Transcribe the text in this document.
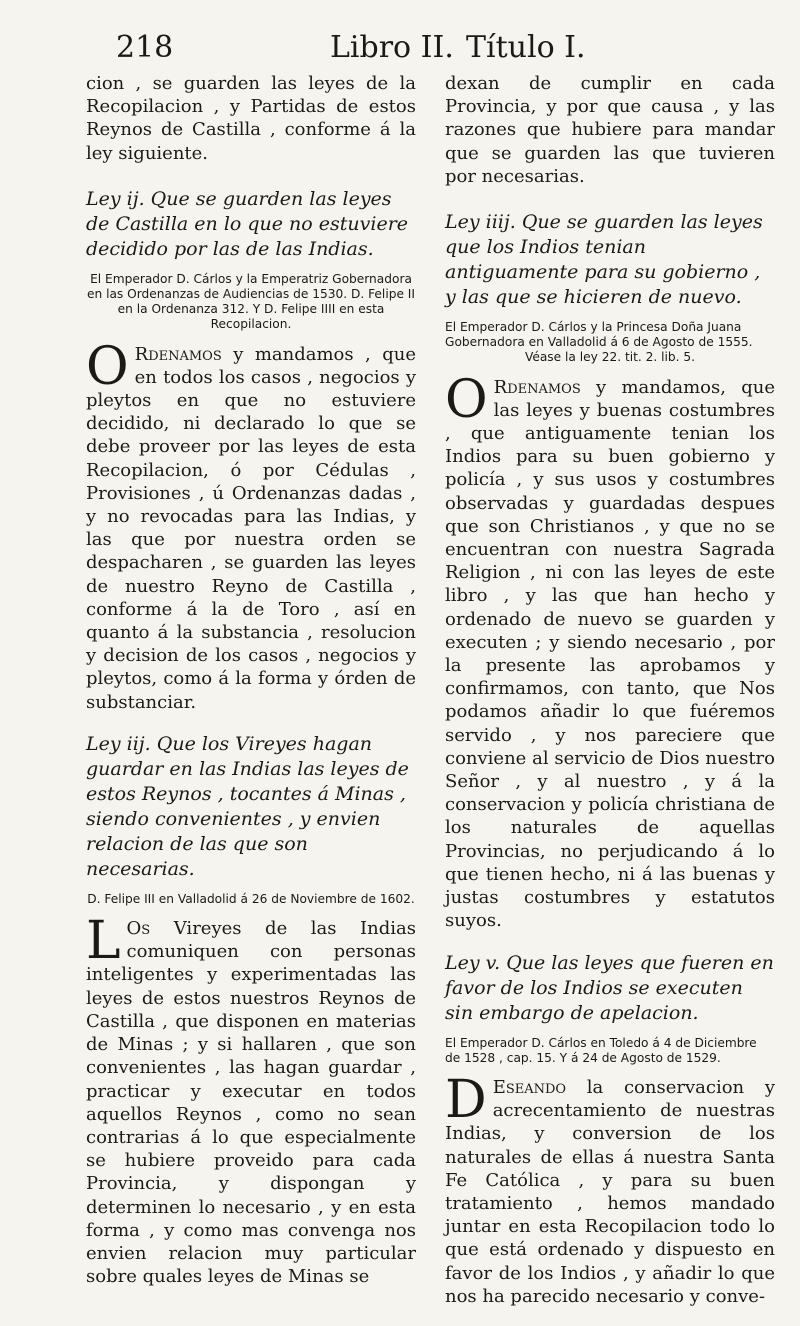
218	Libro II. Título I.

cion , se guarden las leyes de la Recopilacion , y Partidas de estos Reynos de Castilla , conforme á la ley siguiente.

Ley ij. Que se guarden las leyes de Castilla en lo que no estuviere decidido por las de las Indias.

El Emperador D. Cárlos y la Emperatriz Gobernadora en las Ordenanzas de Audiencias de 1530. D. Felipe II en la Ordenanza 312. Y D. Felipe IIII en esta Recopilacion.

O Rdenamos y mandamos , que en todos los casos , negocios y pleytos en que no estuviere decidido, ni declarado lo que se debe proveer por las leyes de esta Recopilacion, ó por Cédulas , Provisiones , ú Ordenanzas dadas , y no revocadas para las Indias, y las que por nuestra orden se despacharen , se guarden las leyes de nuestro Reyno de Castilla , conforme á la de Toro , así en quanto á la substancia , resolucion y decision de los casos , negocios y pleytos, como á la forma y órden de substanciar.

Ley iij. Que los Vireyes hagan guardar en las Indias las leyes de estos Reynos , tocantes á Minas , siendo convenientes , y envien relacion de las que son necesarias.

D. Felipe III en Valladolid á 26 de Noviembre de 1602.

L Os Vireyes de las Indias comuniquen con personas inteligentes y experimentadas las leyes de estos nuestros Reynos de Castilla , que disponen en materias de Minas ; y si hallaren , que son convenientes , las hagan guardar , practicar y executar en todos aquellos Reynos , como no sean contrarias á lo que especialmente se hubiere proveido para cada Provincia, y dispongan y determinen lo necesario , y en esta forma , y como mas convenga nos envien relacion muy particular sobre quales leyes de Minas se

dexan de cumplir en cada Provincia, y por que causa , y las razones que hubiere para mandar que se guarden las que tuvieren por necesarias.

Ley iiij. Que se guarden las leyes que los Indios tenian antiguamente para su gobierno , y las que se hicieren de nuevo.

El Emperador D. Cárlos y la Princesa Doña Juana Gobernadora en Valladolid á 6 de Agosto de 1555.
Véase la ley 22. tit. 2. lib. 5.

O Rdenamos y mandamos, que las leyes y buenas costumbres , que antiguamente tenian los Indios para su buen gobierno y policía , y sus usos y costumbres observadas y guardadas despues que son Christianos , y que no se encuentran con nuestra Sagrada Religion , ni con las leyes de este libro , y las que han hecho y ordenado de nuevo se guarden y executen ; y siendo necesario , por la presente las aprobamos y confirmamos, con tanto, que Nos podamos añadir lo que fuéremos servido , y nos pareciere que conviene al servicio de Dios nuestro Señor , y al nuestro , y á la conservacion y policía christiana de los naturales de aquellas Provincias, no perjudicando á lo que tienen hecho, ni á las buenas y justas costumbres y estatutos suyos.

Ley v. Que las leyes que fueren en favor de los Indios se executen sin embargo de apelacion.

El Emperador D. Cárlos en Toledo á 4 de Diciembre de 1528 , cap. 15. Y á 24 de Agosto de 1529.

D Eseando la conservacion y acrecentamiento de nuestras Indias, y conversion de los naturales de ellas á nuestra Santa Fe Católica , y para su buen tratamiento , hemos mandado juntar en esta Recopilacion todo lo que está ordenado y dispuesto en favor de los Indios , y añadir lo que nos ha parecido necesario y conve-
